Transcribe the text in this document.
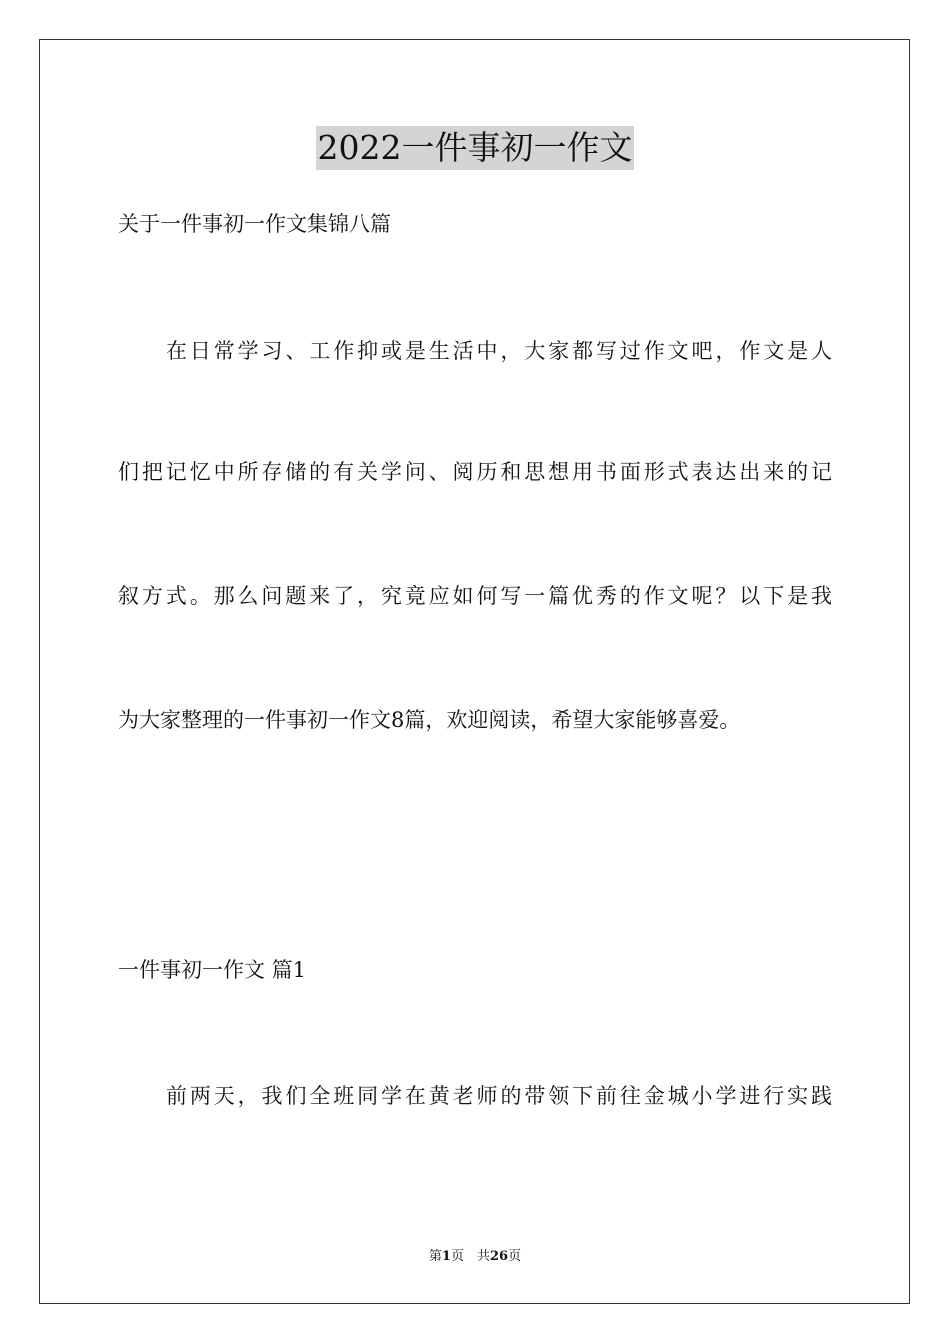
2022一件事初一作文
关于一件事初一作文集锦八篇
在日常学习、工作抑或是生活中，大家都写过作文吧，作文是人
们把记忆中所存储的有关学问、阅历和思想用书面形式表达出来的记
叙方式。那么问题来了，究竟应如何写一篇优秀的作文呢？以下是我
为大家整理的一件事初一作文8篇，欢迎阅读，希望大家能够喜爱。
一件事初一作文 篇1
前两天，我们全班同学在黄老师的带领下前往金城小学进行实践
第1页　共26页
